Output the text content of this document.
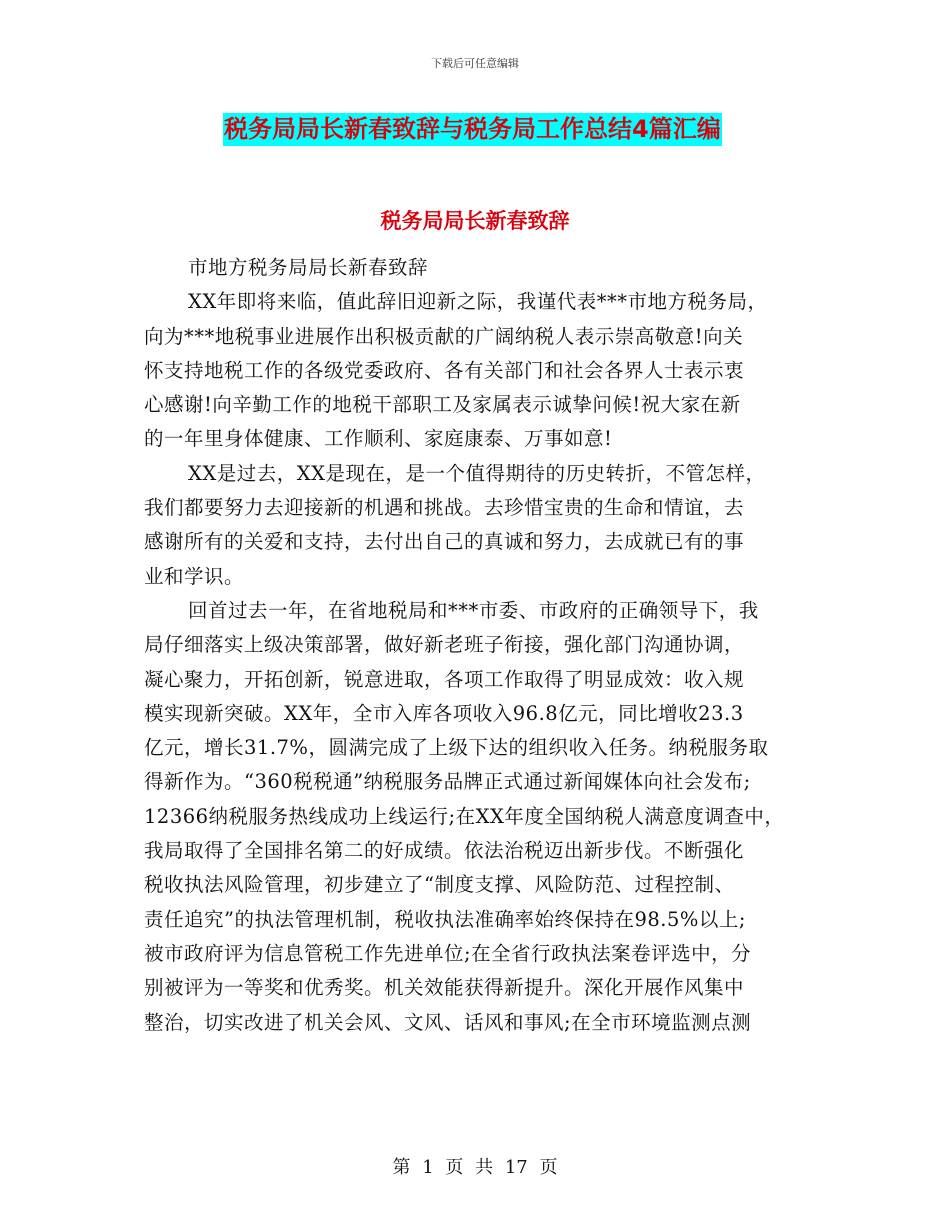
下载后可任意编辑
税务局局长新春致辞与税务局工作总结4篇汇编
税务局局长新春致辞

市地方税务局局长新春致辞

XX年即将来临，值此辞旧迎新之际，我谨代表***市地方税务局，
向为***地税事业进展作出积极贡献的广阔纳税人表示崇高敬意!向关
怀支持地税工作的各级党委政府、各有关部门和社会各界人士表示衷
心感谢!向辛勤工作的地税干部职工及家属表示诚挚问候!祝大家在新
的一年里身体健康、工作顺利、家庭康泰、万事如意!

XX是过去，XX是现在，是一个值得期待的历史转折，不管怎样，
我们都要努力去迎接新的机遇和挑战。去珍惜宝贵的生命和情谊，去
感谢所有的关爱和支持，去付出自己的真诚和努力，去成就已有的事
业和学识。

回首过去一年，在省地税局和***市委、市政府的正确领导下，我
局仔细落实上级决策部署，做好新老班子衔接，强化部门沟通协调，
凝心聚力，开拓创新，锐意进取，各项工作取得了明显成效：收入规
模实现新突破。XX年，全市入库各项收入96.8亿元，同比增收23.3
亿元，增长31.7%，圆满完成了上级下达的组织收入任务。纳税服务取
得新作为。“360税税通”纳税服务品牌正式通过新闻媒体向社会发布;
12366纳税服务热线成功上线运行;在XX年度全国纳税人满意度调查中，
我局取得了全国排名第二的好成绩。依法治税迈出新步伐。不断强化
税收执法风险管理，初步建立了“制度支撑、风险防范、过程控制、
责任追究”的执法管理机制，税收执法准确率始终保持在98.5%以上;
被市政府评为信息管税工作先进单位;在全省行政执法案卷评选中，分
别被评为一等奖和优秀奖。机关效能获得新提升。深化开展作风集中
整治，切实改进了机关会风、文风、话风和事风;在全市环境监测点测

第 1 页 共 17 页
